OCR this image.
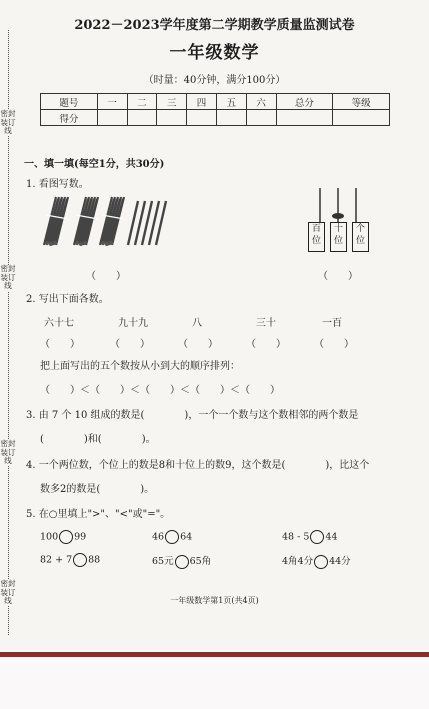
密封装订线
密封装订线
密封装订线
密封装订线
2022－2023学年度第二学期教学质量监测试卷
一年级数学
（时量：40分钟，满分100分）
题号	一	二	三	四	五	六	总分	等级
得分								
一、填一填(每空1分，共30分)
1. 看图写数。
（　　）
百位
十位
个位
（　　）
2. 写出下面各数。
六十七	九十九	八	三十	一百
（　　）	（　　）	（　　）	（　　）	（　　）
把上面写出的五个数按从小到大的顺序排列：
（　　）＜（　　）＜（　　）＜（　　）＜（　　）
3. 由 7 个 10 组成的数是(　　　　)，一个一个数与这个数相邻的两个数是
(　　　　)和(　　　　)。
4. 一个两位数，个位上的数是8和十位上的数9，这个数是(　　　　)，比这个
数多2的数是(　　　　)。
5. 在○里填上">"、"<"或"="。
100 99	46 64	48 - 5 44
82 + 7 88	65元 65角	4角4分 44分
一年级数学第1页(共4页)
